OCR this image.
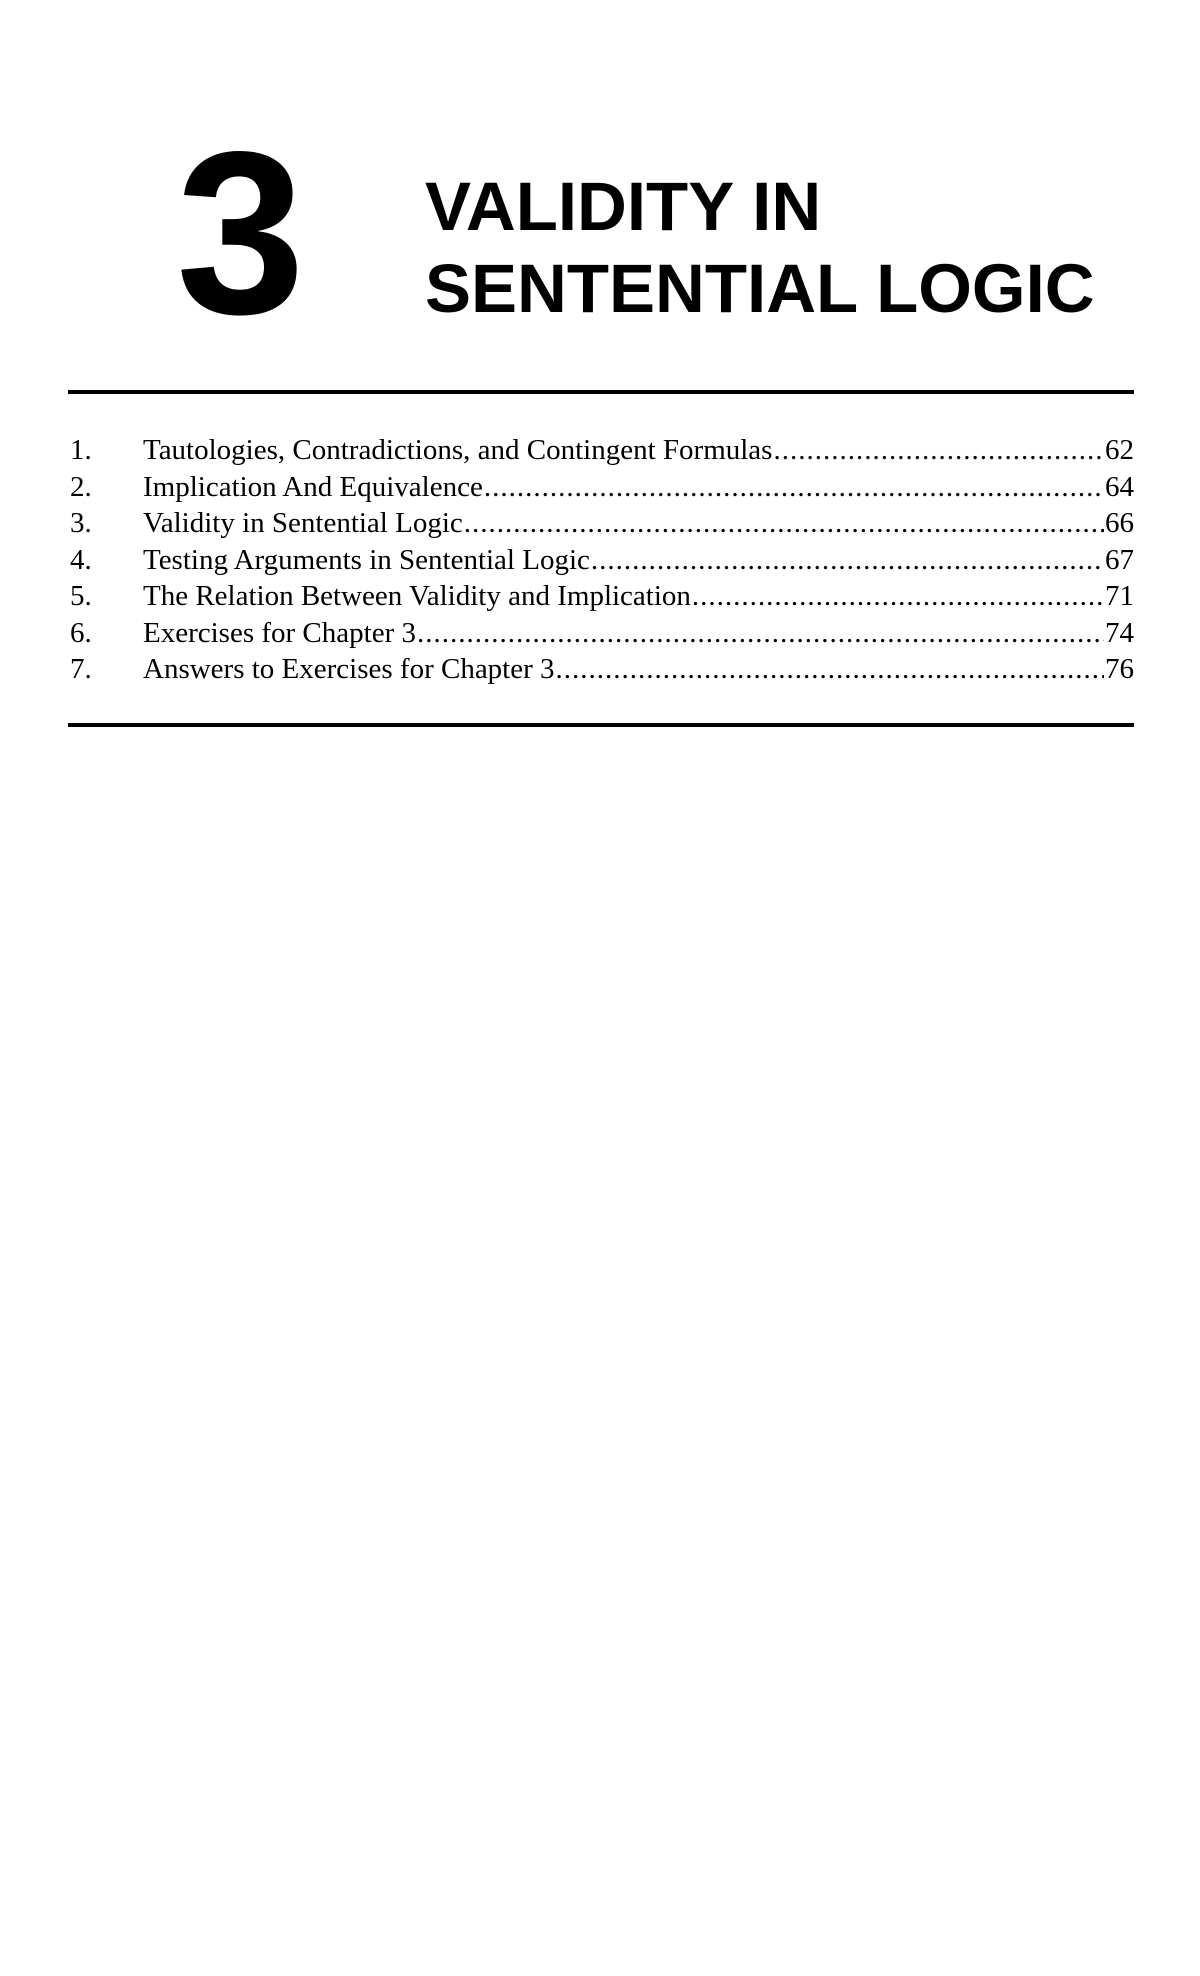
3 VALIDITY IN
SENTENTIAL LOGIC
1.	Tautologies, Contradictions, and Contingent Formulas .....	62
2.	Implication And Equivalence .....	64
3.	Validity in Sentential Logic .....	66
4.	Testing Arguments in Sentential Logic .....	67
5.	The Relation Between Validity and Implication .....	71
6.	Exercises for Chapter 3 .....	74
7.	Answers to Exercises for Chapter 3 .....	76
